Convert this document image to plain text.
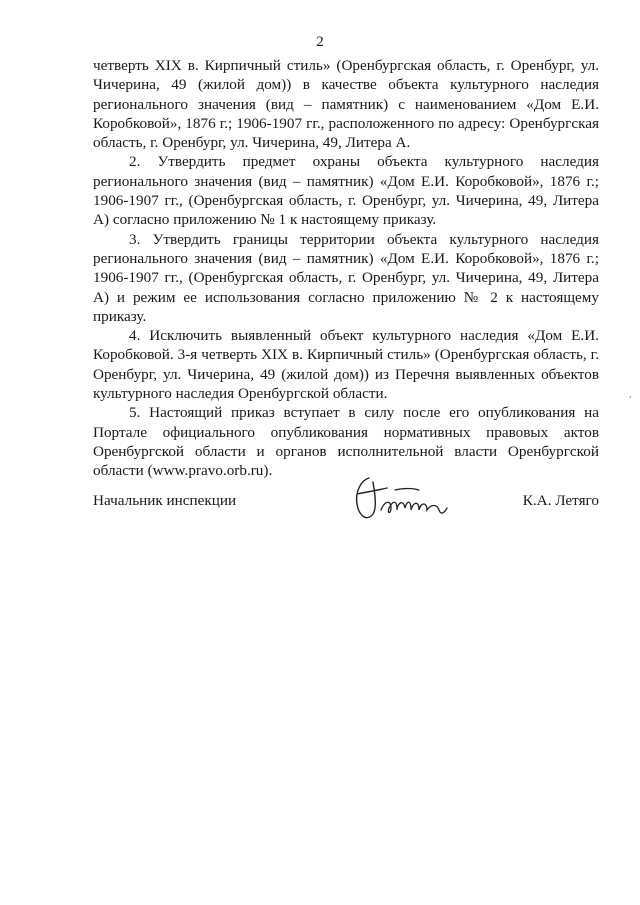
2

четверть XIX в. Кирпичный стиль» (Оренбургская область, г. Оренбург, ул. Чичерина, 49 (жилой дом)) в качестве объекта культурного наследия регионального значения (вид – памятник) с наименованием «Дом Е.И. Коробковой», 1876 г.; 1906-1907 гг., расположенного по адресу: Оренбургская область, г. Оренбург, ул. Чичерина, 49, Литера А.

2. Утвердить предмет охраны объекта культурного наследия регионального значения (вид – памятник) «Дом Е.И. Коробковой», 1876 г.; 1906-1907 гг., (Оренбургская область, г. Оренбург, ул. Чичерина, 49, Литера А) согласно приложению № 1 к настоящему приказу.

3. Утвердить границы территории объекта культурного наследия регионального значения (вид – памятник) «Дом Е.И. Коробковой», 1876 г.; 1906-1907 гг., (Оренбургская область, г. Оренбург, ул. Чичерина, 49, Литера А) и режим ее использования согласно приложению № 2 к настоящему приказу.

4. Исключить выявленный объект культурного наследия «Дом Е.И. Коробковой. 3-я четверть XIX в. Кирпичный стиль» (Оренбургская область, г. Оренбург, ул. Чичерина, 49 (жилой дом)) из Перечня выявленных объектов культурного наследия Оренбургской области.

5. Настоящий приказ вступает в силу после его опубликования на Портале официального опубликования нормативных правовых актов Оренбургской области и органов исполнительной власти Оренбургской области (www.pravo.orb.ru).

Начальник инспекции	К.А. Летяго
ʼ
